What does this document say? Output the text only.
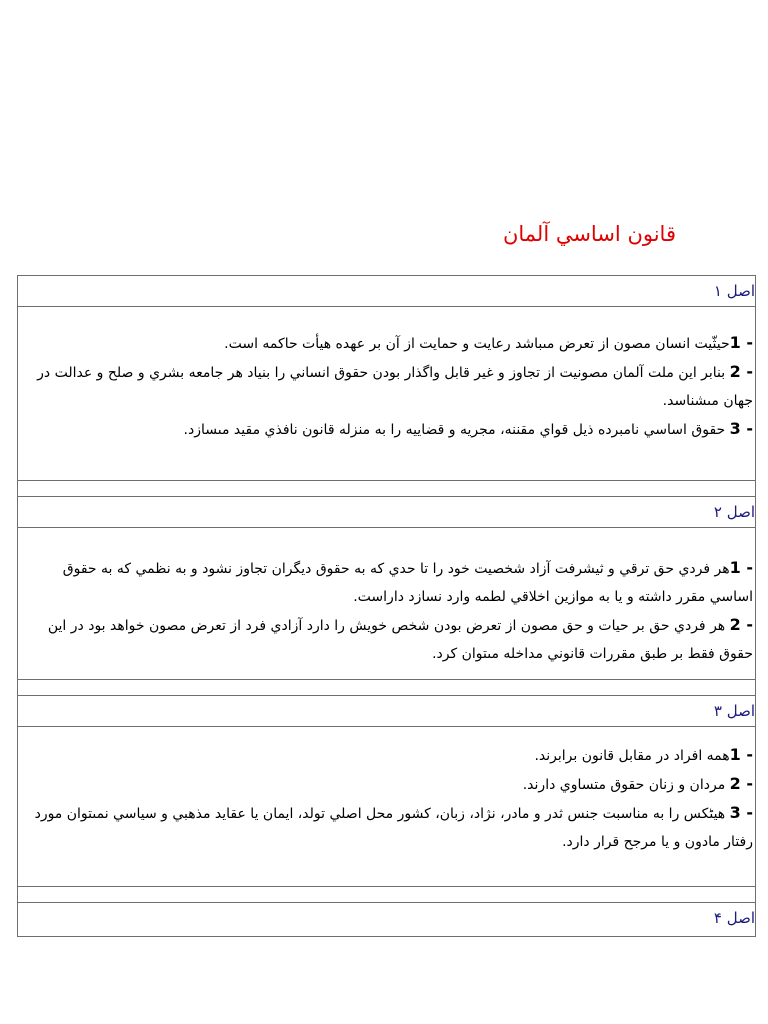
قانون اساسي آلمان
اصل ۱
- 1حيثّيت انسان مصون از تعرض مىباشد رعايت و حمايت از آن بر عهده هيأت حاكمه است.
- 2 بنابر اين ملت آلمان مصونيت از تجاوز و غير قابل واگذار بودن حقوق انساني را بنياد هر جامعه بشري و صلح و عدالت در جهان مىشناسد.
- 3 حقوق اساسي نامبرده ذيل قواي مقننه، مجريه و قضاييه را به منزله قانون نافذي مقيد مىسازد.
اصل ۲
- 1هر فردي حق ترقي و ثيشرفت آزاد شخصيت خود را تا حدي كه به حقوق ديگران تجاوز نشود و به نظمي كه به حقوق اساسي مقرر داشته و يا به موازين اخلاقي لطمه وارد نسازد داراست.
- 2 هر فردي حق بر حيات و حق مصون از تعرض بودن شخص خويش را دارد آزادي فرد از تعرض مصون خواهد بود در اين حقوق فقط بر طبق مقررات قانوني مداخله مىتوان كرد.
اصل ۳
- 1همه افراد در مقابل قانون برابرند.
- 2 مردان و زنان حقوق متساوي دارند.
- 3 هيڻكس را به مناسبت جنس ثدر و مادر، نژاد، زبان، كشور محل اصلي تولد، ايمان يا عقايد مذهبي و سياسي نمىتوان مورد رفتار مادون و يا مرجح قرار دارد.
اصل ۴
